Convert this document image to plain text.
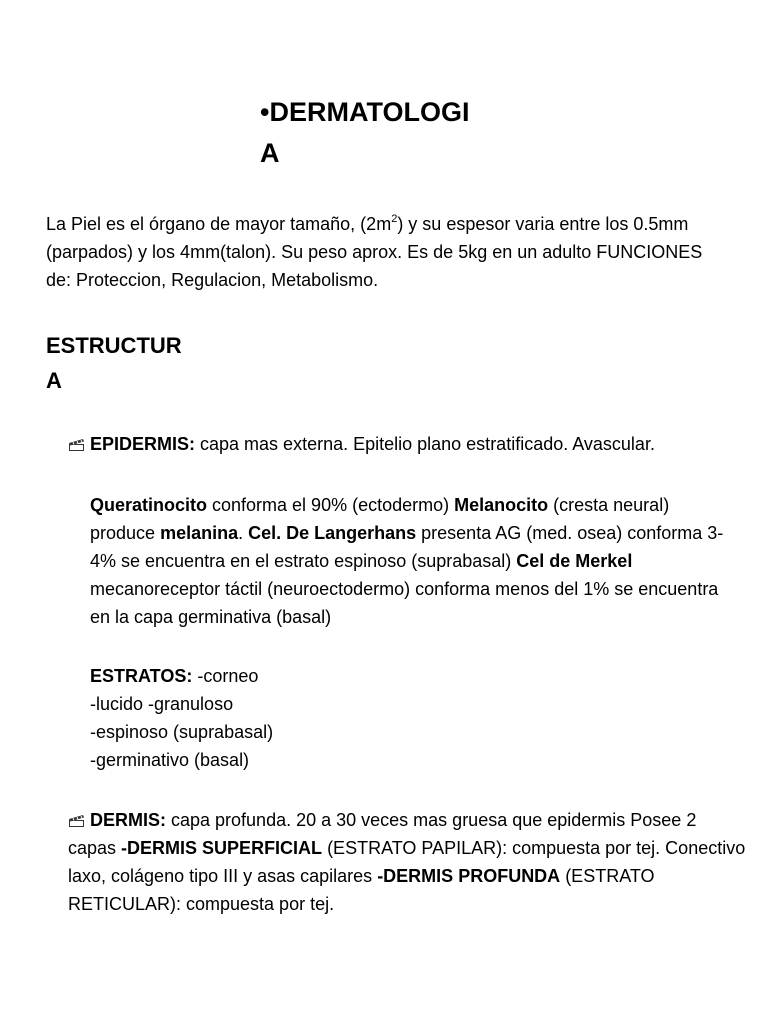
•DERMATOLOGI
A

La Piel es el órgano de mayor tamaño, $(2m^2)$ y su espesor varia entre los 0.5mm (parpados) y los 4mm(talon). Su peso aprox. Es de 5kg en un adulto FUNCIONES de: Proteccion, Regulacion, Metabolismo.

ESTRUCTUR
A

EPIDERMIS: capa mas externa. Epitelio plano estratificado. Avascular.

Queratinocito conforma el 90% (ectodermo) Melanocito (cresta neural) produce melanina. Cel. De Langerhans presenta AG (med. osea) conforma 3-4% se encuentra en el estrato espinoso (suprabasal) Cel de Merkel mecanoreceptor táctil (neuroectodermo) conforma menos del 1% se encuentra en la capa germinativa (basal)

ESTRATOS: -corneo
-lucido -granuloso
-espinoso (suprabasal)
-germinativo (basal)

DERMIS: capa profunda. 20 a 30 veces mas gruesa que epidermis Posee 2 capas -DERMIS SUPERFICIAL (ESTRATO PAPILAR): compuesta por tej. Conectivo laxo, colágeno tipo III y asas capilares -DERMIS PROFUNDA (ESTRATO RETICULAR): compuesta por tej.
